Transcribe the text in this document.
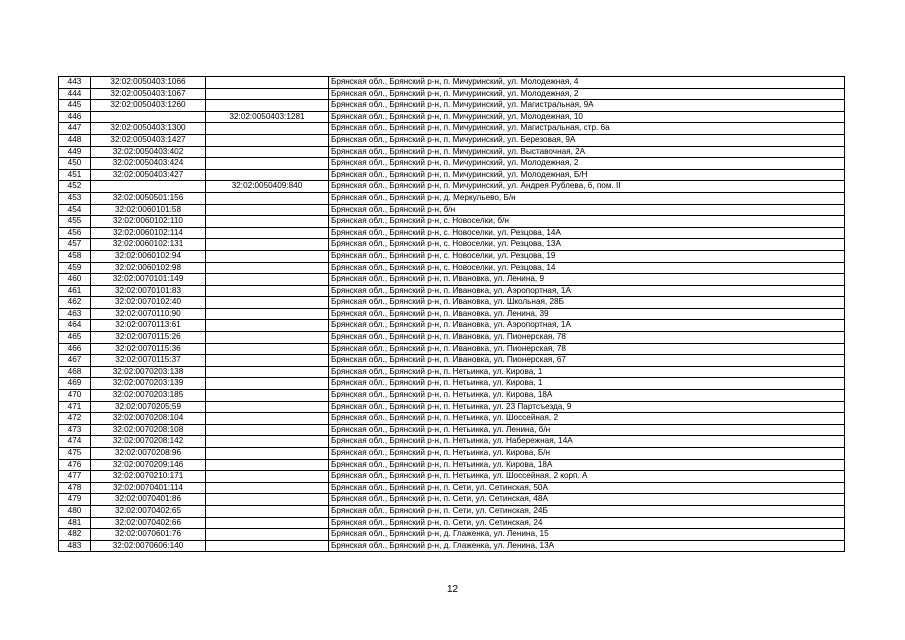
443	32:02:0050403:1066		Брянская обл., Брянский р-н, п. Мичуринский, ул. Молодежная, 4
444	32:02:0050403:1067		Брянская обл., Брянский р-н, п. Мичуринский, ул. Молодежная, 2
445	32:02:0050403:1260		Брянская обл., Брянский р-н, п. Мичуринский, ул. Магистральная, 9А
446		32:02:0050403:1281	Брянская обл., Брянский р-н, п. Мичуринский, ул. Молодежная, 10
447	32:02:0050403:1300		Брянская обл., Брянский р-н, п. Мичуринский, ул. Магистральная, стр. 6а
448	32:02:0050403:1427		Брянская обл., Брянский р-н, п. Мичуринский, ул. Березовая, 9А
449	32:02:0050403:402		Брянская обл., Брянский р-н, п. Мичуринский, ул. Выставочная, 2А
450	32:02:0050403:424		Брянская обл., Брянский р-н, п. Мичуринский, ул. Молодежная, 2
451	32:02:0050403:427		Брянская обл., Брянский р-н, п. Мичуринский, ул. Молодежная, Б/Н
452		32:02:0050409:840	Брянская обл., Брянский р-н, п. Мичуринский, ул. Андрея Рублева, 6, пом. II
453	32:02:0050501:156		Брянская обл., Брянский р-н, д. Меркульево, Б/н
454	32:02:0060101:58		Брянская обл., Брянский р-н, б/н
455	32:02:0060102:110		Брянская обл., Брянский р-н, с. Новоселки, б/н
456	32:02:0060102:114		Брянская обл., Брянский р-н, с. Новоселки, ул. Резцова, 14А
457	32:02:0060102:131		Брянская обл., Брянский р-н, с. Новоселки, ул. Резцова, 13А
458	32:02:0060102:94		Брянская обл., Брянский р-н, с. Новоселки, ул. Резцова, 19
459	32:02:0060102:98		Брянская обл., Брянский р-н, с. Новоселки, ул. Резцова, 14
460	32:02:0070101:149		Брянская обл., Брянский р-н, п. Ивановка, ул. Ленина, 9
461	32:02:0070101:83		Брянская обл., Брянский р-н, п. Ивановка, ул. Аэропортная, 1А
462	32:02:0070102:40		Брянская обл., Брянский р-н, п. Ивановка, ул. Школьная, 28Б
463	32:02:0070110:90		Брянская обл., Брянский р-н, п. Ивановка, ул. Ленина, 39
464	32:02:0070113:61		Брянская обл., Брянский р-н, п. Ивановка, ул. Аэропортная, 1А
465	32:02:0070115:26		Брянская обл., Брянский р-н, п. Ивановка, ул. Пионерская, 78
466	32:02:0070115:36		Брянская обл., Брянский р-н, п. Ивановка, ул. Пионерская, 78
467	32:02:0070115:37		Брянская обл., Брянский р-н, п. Ивановка, ул. Пионерская, 67
468	32:02:0070203:138		Брянская обл., Брянский р-н, п. Нетьинка, ул. Кирова, 1
469	32:02:0070203:139		Брянская обл., Брянский р-н, п. Нетьинка, ул. Кирова, 1
470	32:02:0070203:185		Брянская обл., Брянский р-н, п. Нетьинка, ул. Кирова, 18А
471	32:02:0070205:59		Брянская обл., Брянский р-н, п. Нетьинка, ул. 23 Партсъезда, 9
472	32:02:0070208:104		Брянская обл., Брянский р-н, п. Нетьинка, ул. Шоссейная, 2
473	32:02:0070208:108		Брянская обл., Брянский р-н, п. Нетьинка, ул. Ленина, б/н
474	32:02:0070208:142		Брянская обл., Брянский р-н, п. Нетьинка, ул. Набережная, 14А
475	32:02:0070208:96		Брянская обл., Брянский р-н, п. Нетьинка, ул. Кирова, Б/н
476	32:02:0070209:146		Брянская обл., Брянский р-н, п. Нетьинка, ул. Кирова, 18А
477	32:02:0070210:171		Брянская обл., Брянский р-н, п. Нетьинка, ул. Шоссейная, 2 корп. А
478	32:02:0070401:114		Брянская обл., Брянский р-н, п. Сети, ул. Сетинская, 50А
479	32:02:0070401:86		Брянская обл., Брянский р-н, п. Сети, ул. Сетинская, 48А
480	32:02:0070402:65		Брянская обл., Брянский р-н, п. Сети, ул. Сетинская, 24Б
481	32:02:0070402:66		Брянская обл., Брянский р-н, п. Сети, ул. Сетинская, 24
482	32:02:0070601:76		Брянская обл., Брянский р-н, д. Глаженка, ул. Ленина, 15
483	32:02:0070606:140		Брянская обл., Брянский р-н, д. Глаженка, ул. Ленина, 13А
12
